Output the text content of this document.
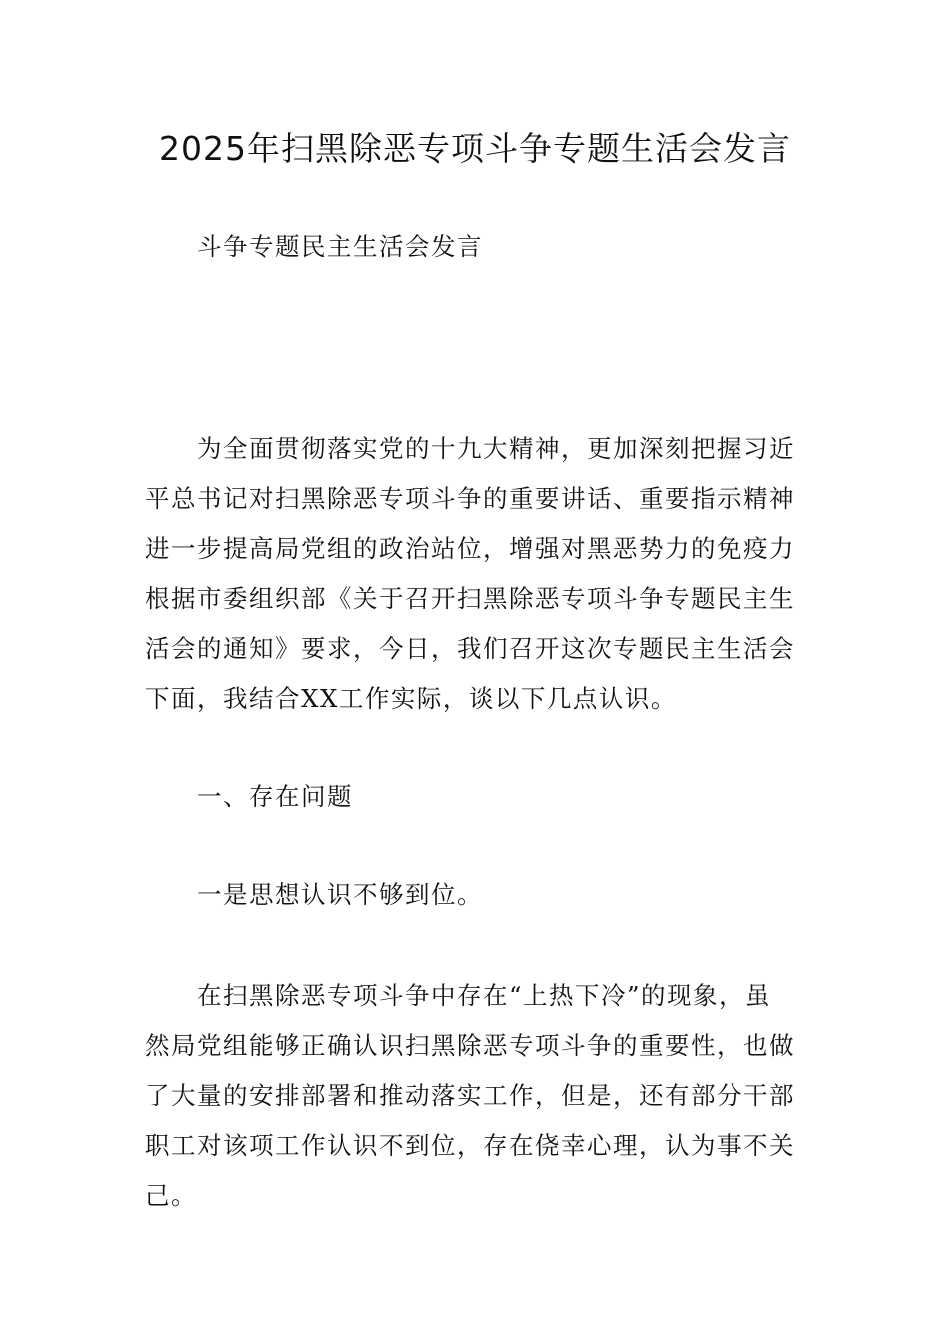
2025年扫黑除恶专项斗争专题生活会发言
斗争专题民主生活会发言
为全面贯彻落实党的十九大精神，更加深刻把握习近
平总书记对扫黑除恶专项斗争的重要讲话、重要指示精神
进一步提高局党组的政治站位，增强对黑恶势力的免疫力
根据市委组织部《关于召开扫黑除恶专项斗争专题民主生
活会的通知》要求，今日，我们召开这次专题民主生活会
下面，我结合XX工作实际，谈以下几点认识。
一、存在问题
一是思想认识不够到位。
在扫黑除恶专项斗争中存在“上热下冷”的现象，虽
然局党组能够正确认识扫黑除恶专项斗争的重要性，也做
了大量的安排部署和推动落实工作，但是，还有部分干部
职工对该项工作认识不到位，存在侥幸心理，认为事不关
己。
